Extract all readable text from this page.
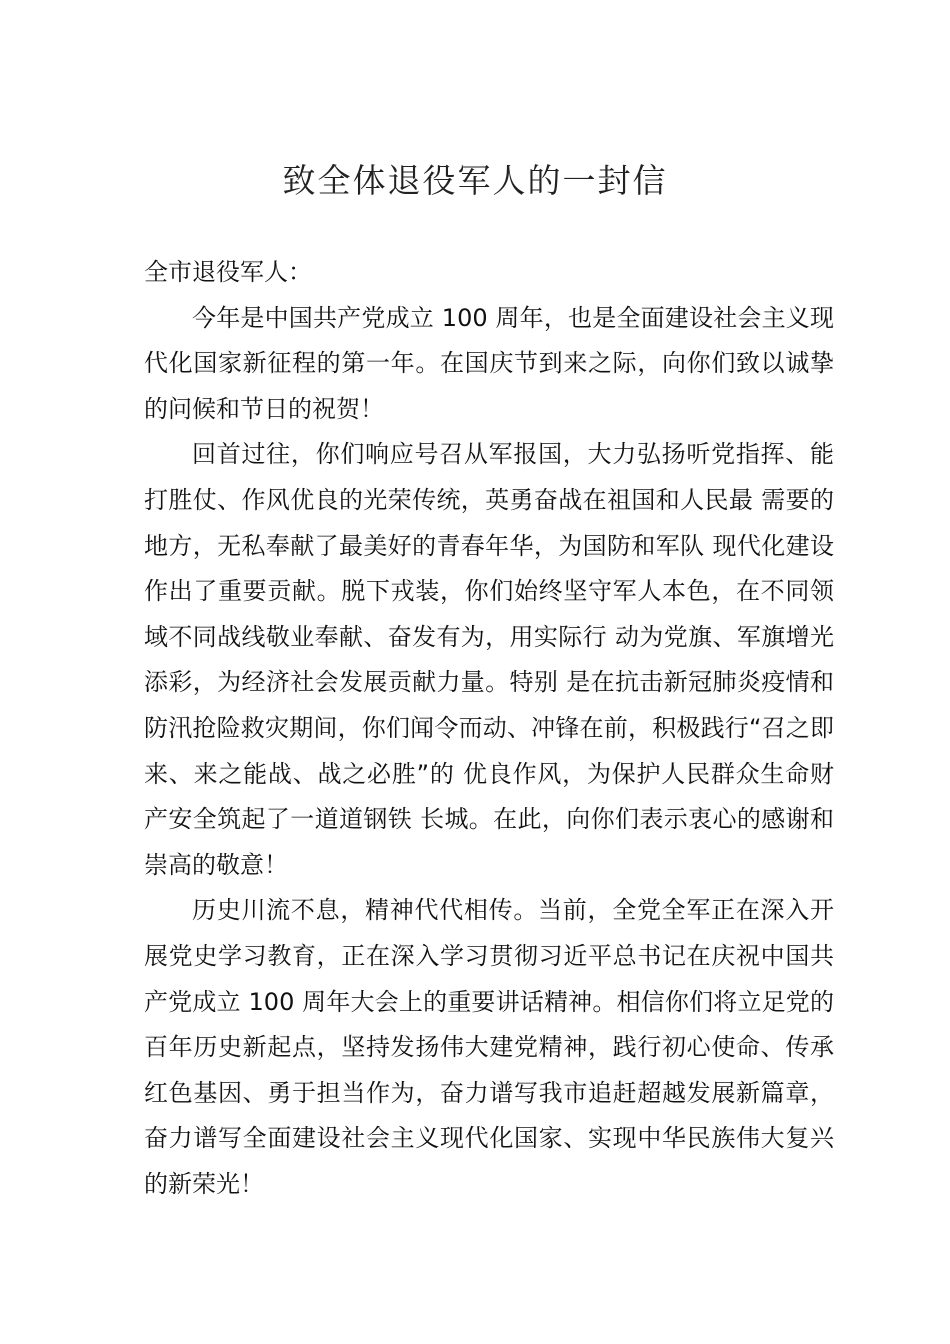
致全体退役军人的一封信

全市退役军人：

今年是中国共产党成立 100 周年，也是全面建设社会主义现代化国家新征程的第一年。在国庆节到来之际，向你们致以诚挚的问候和节日的祝贺！

回首过往，你们响应号召从军报国，大力弘扬听党指挥、能打胜仗、作风优良的光荣传统，英勇奋战在祖国和人民最 需要的地方，无私奉献了最美好的青春年华，为国防和军队 现代化建设作出了重要贡献。脱下戎装，你们始终坚守军人本色，在不同领域不同战线敬业奉献、奋发有为，用实际行 动为党旗、军旗增光添彩，为经济社会发展贡献力量。特别 是在抗击新冠肺炎疫情和防汛抢险救灾期间，你们闻令而动、冲锋在前，积极践行“召之即来、来之能战、战之必胜”的 优良作风，为保护人民群众生命财产安全筑起了一道道钢铁 长城。在此，向你们表示衷心的感谢和崇高的敬意！

历史川流不息，精神代代相传。当前，全党全军正在深入开展党史学习教育，正在深入学习贯彻习近平总书记在庆祝中国共产党成立 100 周年大会上的重要讲话精神。相信你们将立足党的百年历史新起点，坚持发扬伟大建党精神，践行初心使命、传承红色基因、勇于担当作为，奋力谱写我市追赶超越发展新篇章，奋力谱写全面建设社会主义现代化国家、实现中华民族伟大复兴的新荣光！
